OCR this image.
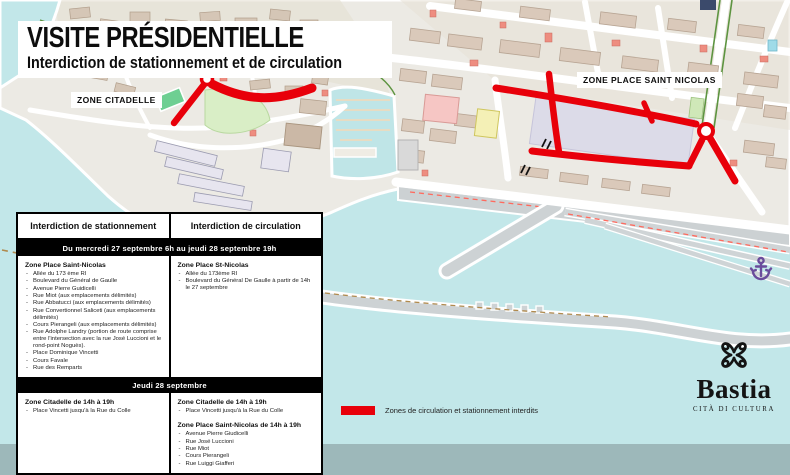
VISITE PRÉSIDENTIELLE
Interdiction de stationnement et de circulation
ZONE CITADELLE
ZONE PLACE SAINT NICOLAS
Interdiction de stationnement	Interdiction de circulation
Du mercredi 27 septembre 6h au jeudi 28 septembre 19h

Zone Place Saint-Nicolas

- Allée du 173 ème RI
- Boulevard du Général de Gaulle
- Avenue Pierre Guidicelli
- Rue Miot (aux emplacements délimités)
- Rue Abbatucci (aux emplacements délimités)
- Rue Convertionnel Saliceti (aux emplacements délimités)
- Cours Pierangeli (aux emplacements délimités)
- Rue Adolphe Landry (portion de route comprise entre l'intersection avec la rue José Luccioni et le rond-point Noguès).
- Place Dominique Vincetti
- Cours Favale
- Rue des Remparts

Zone Place St-Nicolas

- Allée du 173ème RI
- Boulevard du Général De Gaulle à partir de 14h le 27 septembre
Jeudi 28 septembre

Zone Citadelle de 14h à 19h

- Place Vincetti jusqu'à la Rue du Colle

Zone Citadelle de 14h à 19h

- Place Vincetti jusqu'à la Rue du Colle

Zone Place Saint-Nicolas de 14h à 19h

- Avenue Pierre Giudicelli
- Rue José Luccioni
- Rue Miot
- Cours Pierangeli
- Rue Luiggi Giafferi
Zones de circulation et stationnement interdits
Bastia
CITÀ DI CULTURA
